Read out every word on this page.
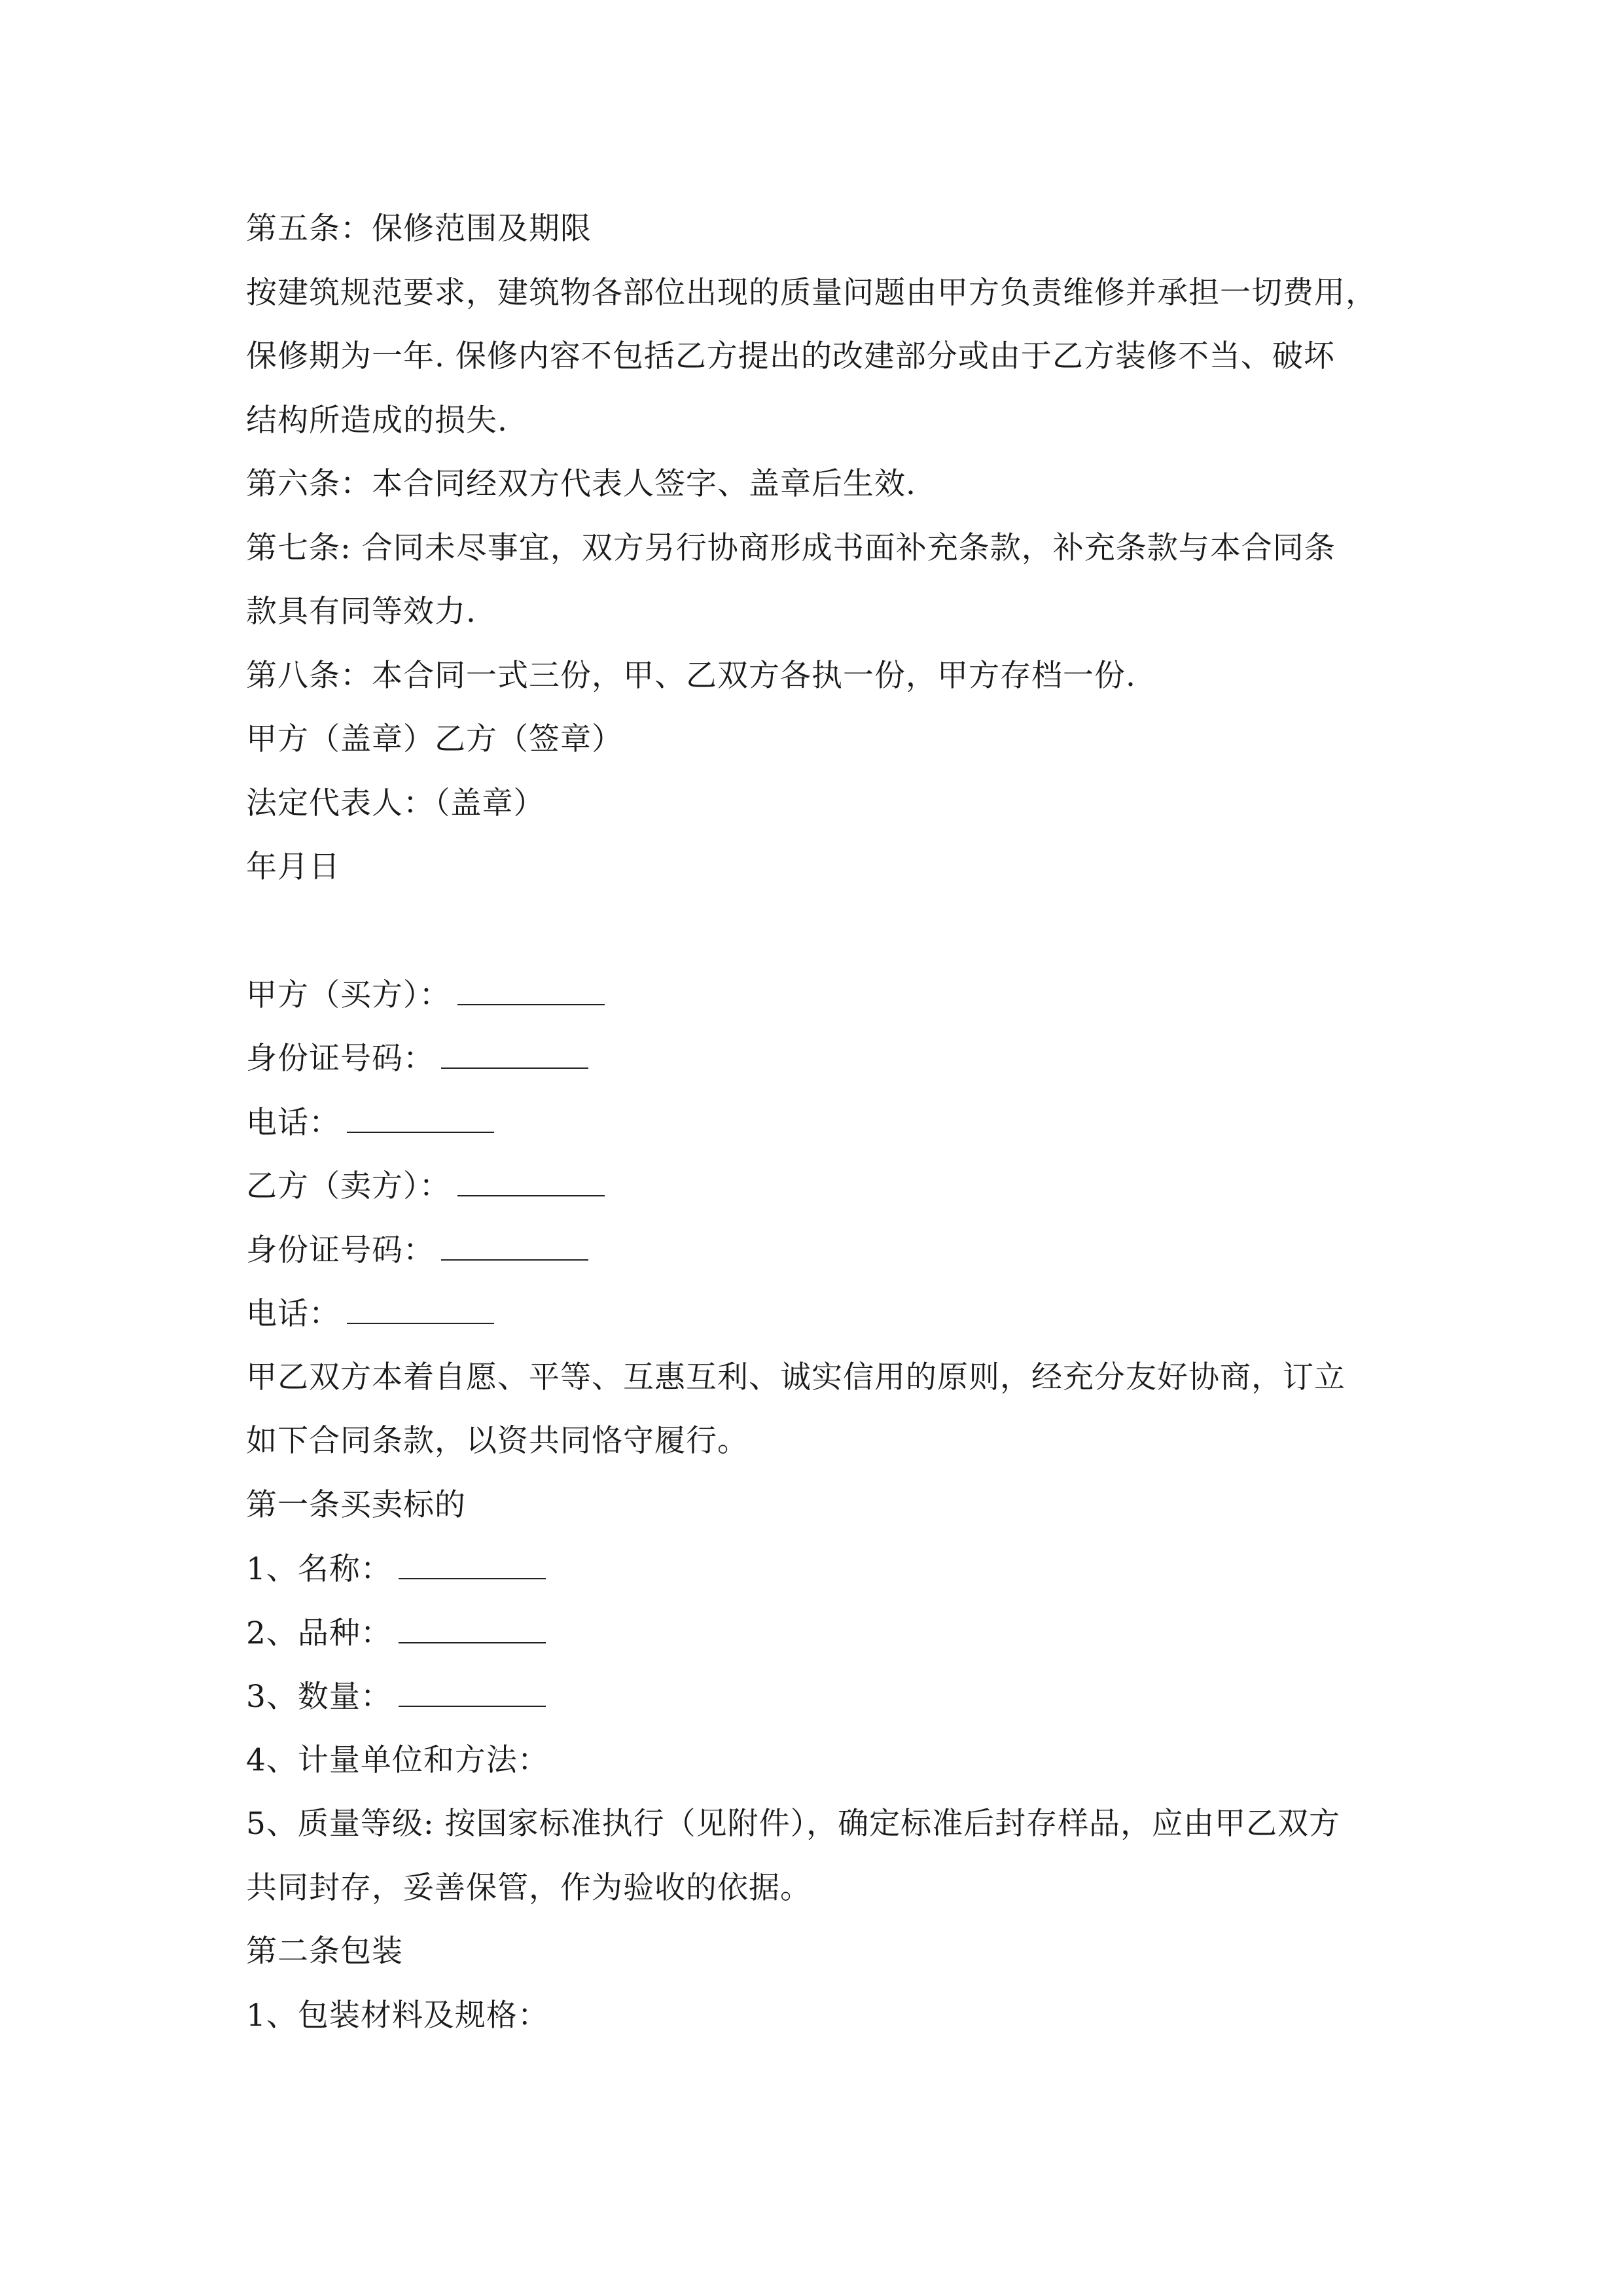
第五条：保修范围及期限
按建筑规范要求，建筑物各部位出现的质量问题由甲方负责维修并承担一切费用，
保修期为一年. 保修内容不包括乙方提出的改建部分或由于乙方装修不当、破坏
结构所造成的损失.
第六条：本合同经双方代表人签字、盖章后生效.
第七条: 合同未尽事宜，双方另行协商形成书面补充条款，补充条款与本合同条
款具有同等效力.
第八条：本合同一式三份，甲、乙双方各执一份，甲方存档一份.
甲方（盖章）乙方（签章）
法定代表人：（盖章）
年月日
甲方（买方）：
身份证号码：
电话：
乙方（卖方）：
身份证号码：
电话：
甲乙双方本着自愿、平等、互惠互利、诚实信用的原则，经充分友好协商，订立
如下合同条款，以资共同恪守履行。
第一条买卖标的
1、名称：
2、品种：
3、数量：
4、计量单位和方法：
5、质量等级: 按国家标准执行（见附件），确定标准后封存样品，应由甲乙双方
共同封存，妥善保管，作为验收的依据。
第二条包装
1、包装材料及规格：
